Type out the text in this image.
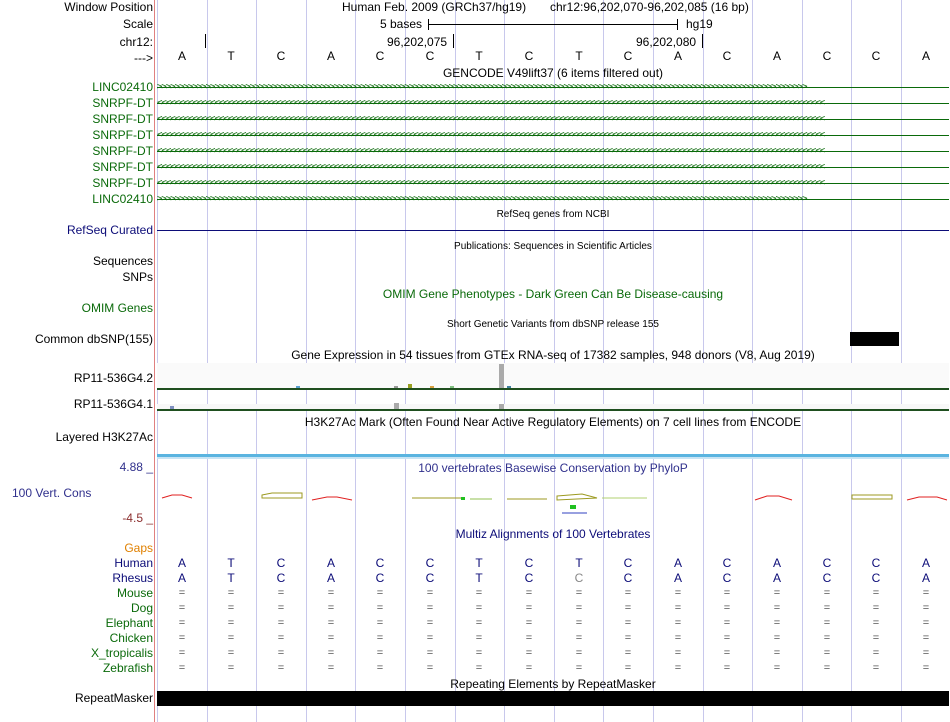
Window Position	Human Feb. 2009 (GRCh37/hg19) chr12:96,202,070-96,202,085 (16 bp)
Scale	5 bases	hg19
chr12:	96,202,075	96,202,080
---> A	T	C	A	C	C	T	C	T	C	A	C	A	C	C	A
GENCODE V49lift37 (6 items filtered out)
LINC02410 >>>>>>>>>>>>>>>>>>>>>>>>>>>>>>>>>>>>>>>>>>>>>>>>>>>>>>>>>>>>>>>>>>>>>>>>>>>>>>>>>>>>>>>>>>>>>>>>>>>>>>>>>>>>>>>>>>>>>>>>>>>>>>>>>>>>>>>>>>>>>>>>>>>
SNRPF-DT <<<<<<<<<<<<<<<<<<<<<<<<<<<<<<<<<<<<<<<<<<<<<<<<<<<<<<<<<<<<<<<<<<<<<<<<<<<<<<<<<<<<<<<<<<<<<<<<<<<<<<<<<<<<<<<<<<<<<<<<<<<<<<<<<<<<<<<<<<<<<<<<<<<<<<<
SNRPF-DT <<<<<<<<<<<<<<<<<<<<<<<<<<<<<<<<<<<<<<<<<<<<<<<<<<<<<<<<<<<<<<<<<<<<<<<<<<<<<<<<<<<<<<<<<<<<<<<<<<<<<<<<<<<<<<<<<<<<<<<<<<<<<<<<<<<<<<<<<<<<<<<<<<<<<<<
SNRPF-DT <<<<<<<<<<<<<<<<<<<<<<<<<<<<<<<<<<<<<<<<<<<<<<<<<<<<<<<<<<<<<<<<<<<<<<<<<<<<<<<<<<<<<<<<<<<<<<<<<<<<<<<<<<<<<<<<<<<<<<<<<<<<<<<<<<<<<<<<<<<<<<<<<<<<<<<
SNRPF-DT <<<<<<<<<<<<<<<<<<<<<<<<<<<<<<<<<<<<<<<<<<<<<<<<<<<<<<<<<<<<<<<<<<<<<<<<<<<<<<<<<<<<<<<<<<<<<<<<<<<<<<<<<<<<<<<<<<<<<<<<<<<<<<<<<<<<<<<<<<<<<<<<<<<<<<<
SNRPF-DT <<<<<<<<<<<<<<<<<<<<<<<<<<<<<<<<<<<<<<<<<<<<<<<<<<<<<<<<<<<<<<<<<<<<<<<<<<<<<<<<<<<<<<<<<<<<<<<<<<<<<<<<<<<<<<<<<<<<<<<<<<<<<<<<<<<<<<<<<<<<<<<<<<<<<<<
SNRPF-DT <<<<<<<<<<<<<<<<<<<<<<<<<<<<<<<<<<<<<<<<<<<<<<<<<<<<<<<<<<<<<<<<<<<<<<<<<<<<<<<<<<<<<<<<<<<<<<<<<<<<<<<<<<<<<<<<<<<<<<<<<<<<<<<<<<<<<<<<<<<<<<<<<<<<<<<
LINC02410 >>>>>>>>>>>>>>>>>>>>>>>>>>>>>>>>>>>>>>>>>>>>>>>>>>>>>>>>>>>>>>>>>>>>>>>>>>>>>>>>>>>>>>>>>>>>>>>>>>>>>>>>>>>>>>>>>>>>>>>>>>>>>>>>>>>>>>>>>>>>>>>>>>>
RefSeq genes from NCBI
RefSeq Curated
Publications: Sequences in Scientific Articles
Sequences
SNPs
OMIM Gene Phenotypes - Dark Green Can Be Disease-causing
OMIM Genes
Short Genetic Variants from dbSNP release 155
Common dbSNP(155)
Gene Expression in 54 tissues from GTEx RNA-seq of 17382 samples, 948 donors (V8, Aug 2019)
RP11-536G4.2
RP11-536G4.1
H3K27Ac Mark (Often Found Near Active Regulatory Elements) on 7 cell lines from ENCODE
Layered H3K27Ac
100 vertebrates Basewise Conservation by PhyloP
4.88 _
100 Vert. Cons
-4.5 _
Multiz Alignments of 100 Vertebrates
Gaps
Human A	T	C	A	C	C	T	C	T	C	A	C	A	C	C	A
Rhesus A	T	C	A	C	C	T	C	C	C	A	C	A	C	C	A
Mouse	=	=	=	=	=	=	=	=	=	=	=	=	=	=	=	=
Dog	=	=	=	=	=	=	=	=	=	=	=	=	=	=	=	=
Elephant	=	=	=	=	=	=	=	=	=	=	=	=	=	=	=	=
Chicken	=	=	=	=	=	=	=	=	=	=	=	=	=	=	=	=
X_tropicalis	=	=	=	=	=	=	=	=	=	=	=	=	=	=	=	=
Zebrafish	=	=	=	=	=	=	=	=	=	=	=	=	=	=	=	=
Repeating Elements by RepeatMasker
RepeatMasker
